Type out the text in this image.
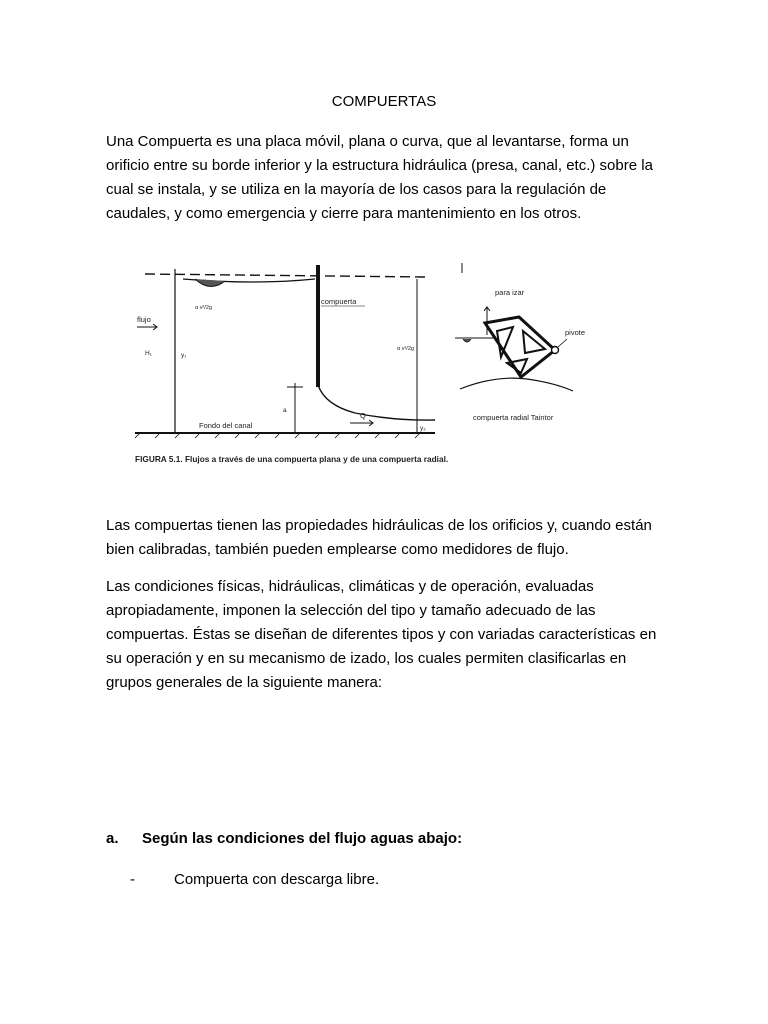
COMPUERTAS

Una Compuerta es una placa móvil, plana o curva, que al levantarse, forma un orificio entre su borde inferior y la estructura hidráulica (presa, canal, etc.) sobre la cual se instala, y se utiliza en la mayoría de los casos para la regulación de caudales, y como emergencia y cierre para mantenimiento en los otros.

compuerta
flujo
Fondo del canal
Q
a
y₁
y₂
H₁
α v²/2g
α v²/2g
para izar
pivote
compuerta radial Taintor
FIGURA 5.1. Flujos a través de una compuerta plana y de una compuerta radial.

Las compuertas tienen las propiedades hidráulicas de los orificios y, cuando están bien calibradas, también pueden emplearse como medidores de flujo.

Las condiciones físicas, hidráulicas, climáticas y de operación, evaluadas apropiadamente, imponen la selección del tipo y tamaño adecuado de las compuertas. Éstas se diseñan de diferentes tipos y con variadas características en su operación y en su mecanismo de izado, los cuales permiten clasificarlas en grupos generales de la siguiente manera:

a. Según las condiciones del flujo aguas abajo:
-	Compuerta con descarga libre.
